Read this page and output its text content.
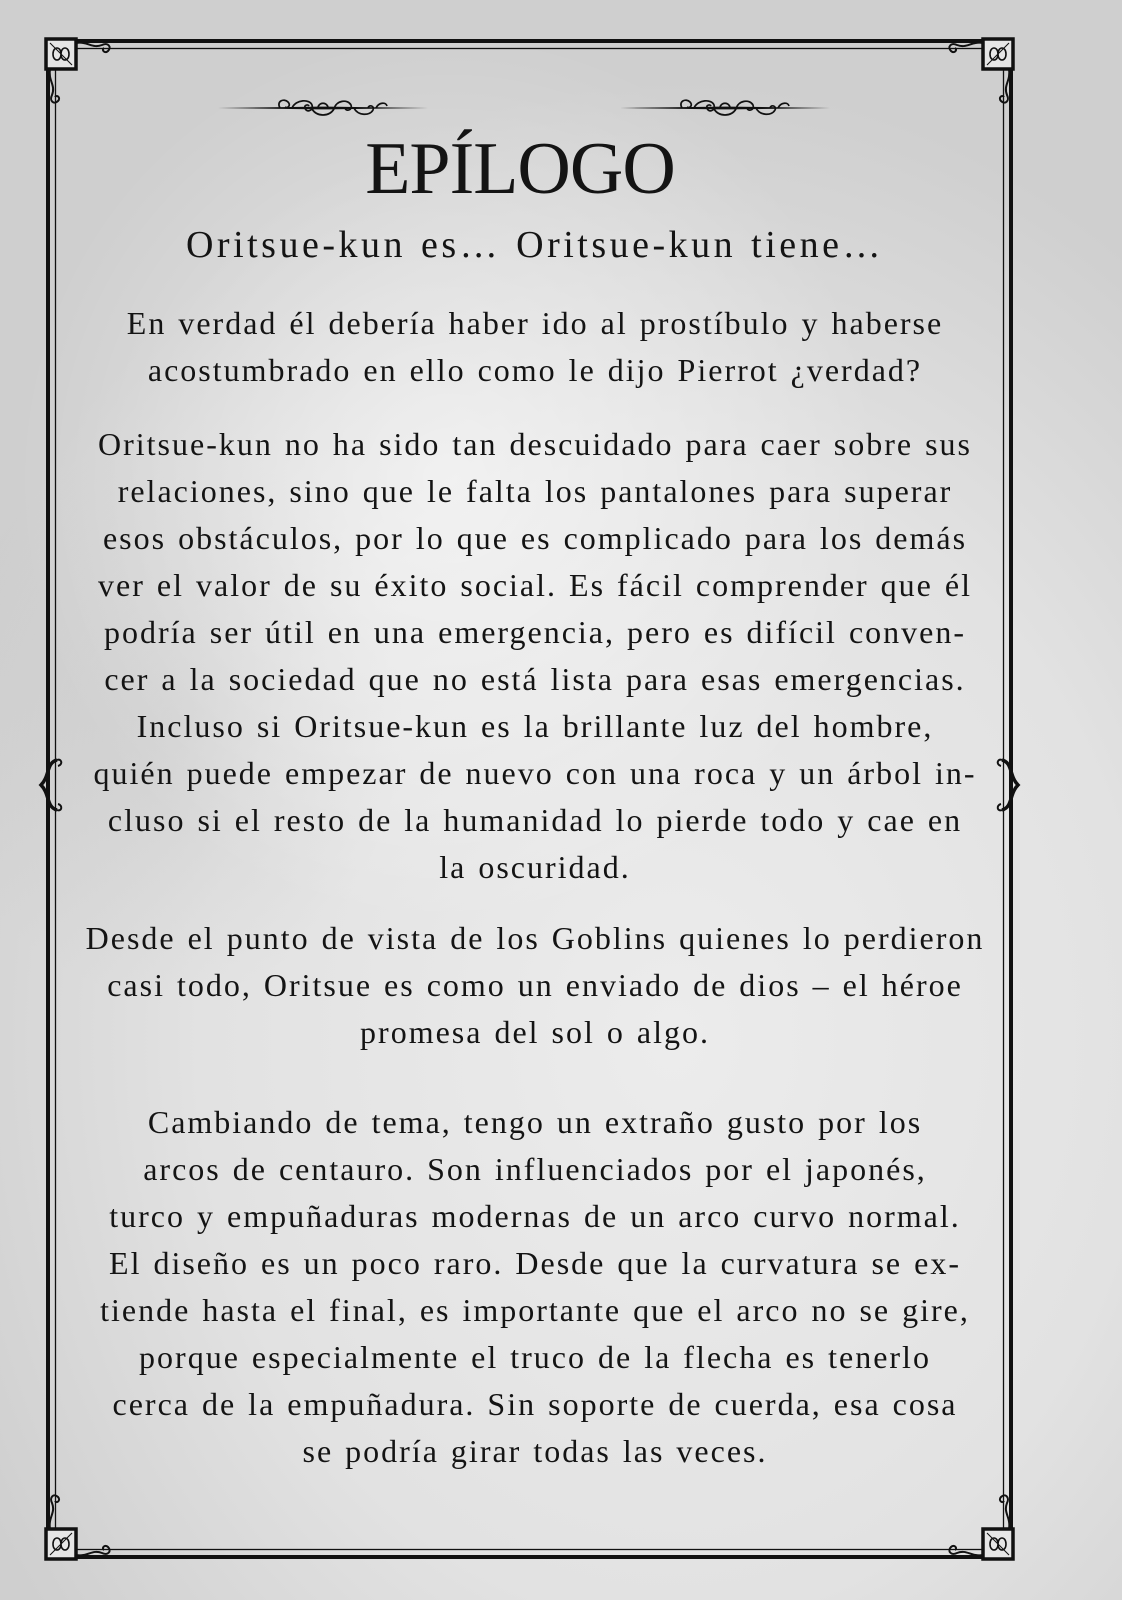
EPÍLOGO
Oritsue-kun es… Oritsue-kun tiene…
En verdad él debería haber ido al prostíbulo y haberse
acostumbrado en ello como le dijo Pierrot ¿verdad?
Oritsue-kun no ha sido tan descuidado para caer sobre sus
relaciones, sino que le falta los pantalones para superar
esos obstáculos, por lo que es complicado para los demás
ver el valor de su éxito social. Es fácil comprender que él
podría ser útil en una emergencia, pero es difícil conven-
cer a la sociedad que no está lista para esas emergencias.
Incluso si Oritsue-kun es la brillante luz del hombre,
quién puede empezar de nuevo con una roca y un árbol in-
cluso si el resto de la humanidad lo pierde todo y cae en
la oscuridad.
Desde el punto de vista de los Goblins quienes lo perdieron
casi todo, Oritsue es como un enviado de dios – el héroe
promesa del sol o algo.
Cambiando de tema, tengo un extraño gusto por los
arcos de centauro. Son influenciados por el japonés,
turco y empuñaduras modernas de un arco curvo normal.
El diseño es un poco raro. Desde que la curvatura se ex-
tiende hasta el final, es importante que el arco no se gire,
porque especialmente el truco de la flecha es tenerlo
cerca de la empuñadura. Sin soporte de cuerda, esa cosa
se podría girar todas las veces.
